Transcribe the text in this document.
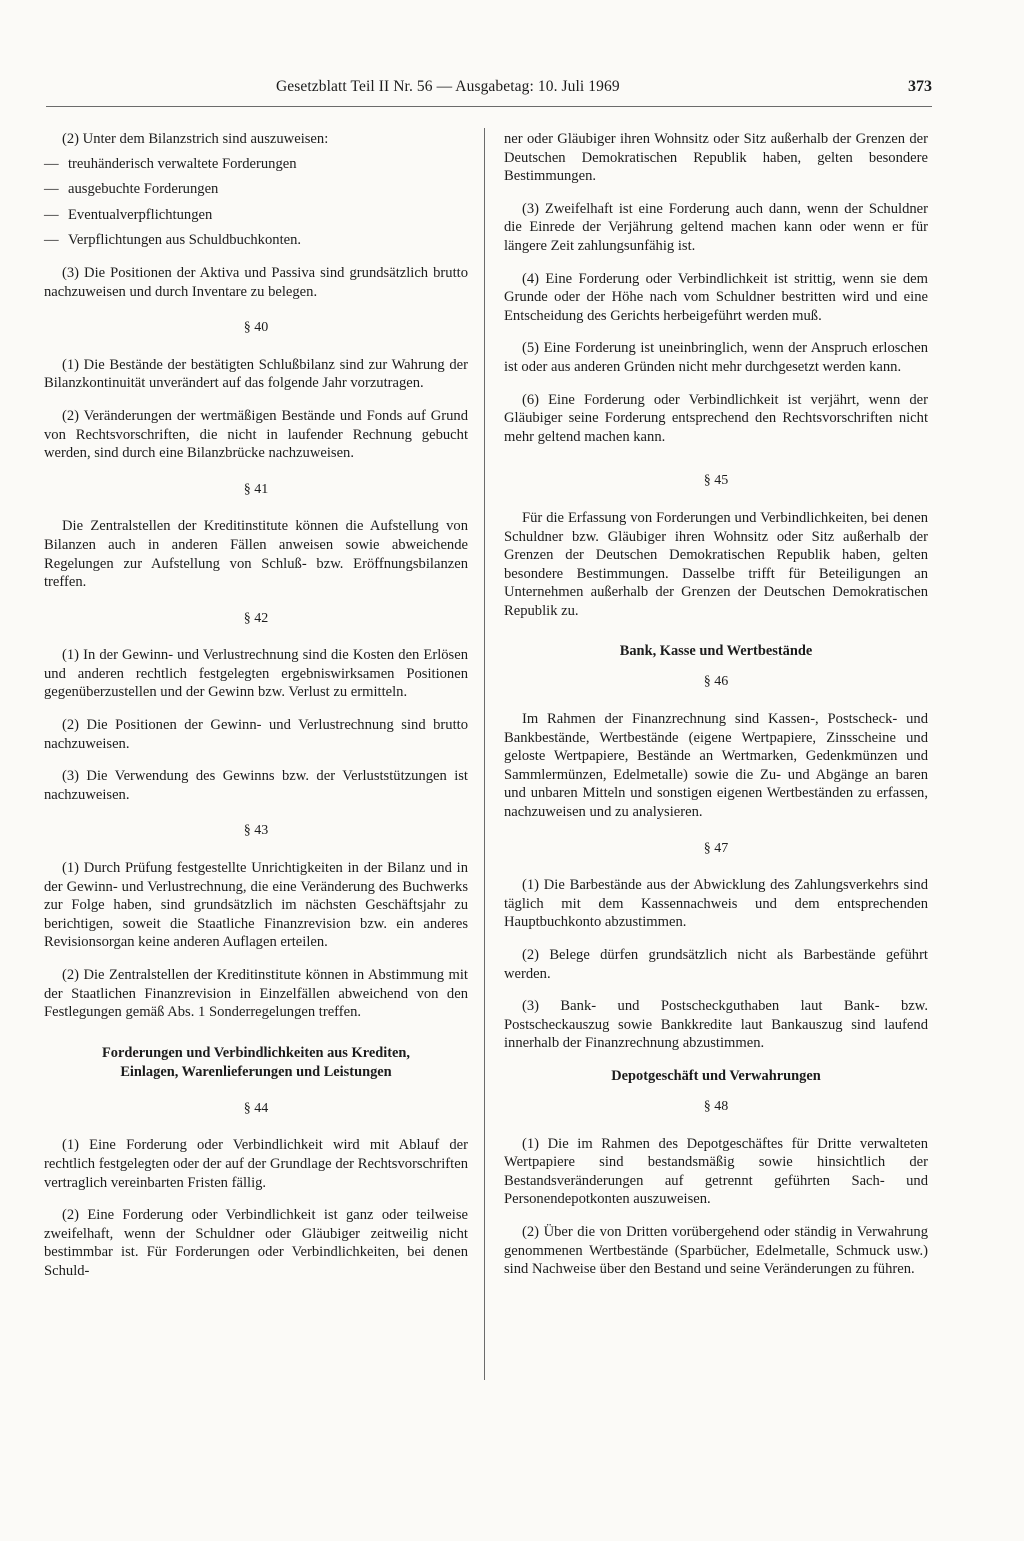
Gesetzblatt Teil II Nr. 56 — Ausgabetag: 10. Juli 1969	373

(2) Unter dem Bilanzstrich sind auszuweisen:

— treuhänderisch verwaltete Forderungen
— ausgebuchte Forderungen
— Eventualverpflichtungen
— Verpflichtungen aus Schuldbuchkonten.

(3) Die Positionen der Aktiva und Passiva sind grundsätzlich brutto nachzuweisen und durch Inventare zu belegen.

§ 40

(1) Die Bestände der bestätigten Schlußbilanz sind zur Wahrung der Bilanzkontinuität unverändert auf das folgende Jahr vorzutragen.

(2) Veränderungen der wertmäßigen Bestände und Fonds auf Grund von Rechtsvorschriften, die nicht in laufender Rechnung gebucht werden, sind durch eine Bilanzbrücke nachzuweisen.

§ 41

Die Zentralstellen der Kreditinstitute können die Aufstellung von Bilanzen auch in anderen Fällen anweisen sowie abweichende Regelungen zur Aufstellung von Schluß- bzw. Eröffnungsbilanzen treffen.

§ 42

(1) In der Gewinn- und Verlustrechnung sind die Kosten den Erlösen und anderen rechtlich festgelegten ergebniswirksamen Positionen gegenüberzustellen und der Gewinn bzw. Verlust zu ermitteln.

(2) Die Positionen der Gewinn- und Verlustrechnung sind brutto nachzuweisen.

(3) Die Verwendung des Gewinns bzw. der Verluststützungen ist nachzuweisen.

§ 43

(1) Durch Prüfung festgestellte Unrichtigkeiten in der Bilanz und in der Gewinn- und Verlustrechnung, die eine Veränderung des Buchwerks zur Folge haben, sind grundsätzlich im nächsten Geschäftsjahr zu berichtigen, soweit die Staatliche Finanzrevision bzw. ein anderes Revisionsorgan keine anderen Auflagen erteilen.

(2) Die Zentralstellen der Kreditinstitute können in Abstimmung mit der Staatlichen Finanzrevision in Einzelfällen abweichend von den Festlegungen gemäß Abs. 1 Sonderregelungen treffen.

Forderungen und Verbindlichkeiten aus Krediten,
Einlagen, Warenlieferungen und Leistungen
§ 44

(1) Eine Forderung oder Verbindlichkeit wird mit Ablauf der rechtlich festgelegten oder der auf der Grundlage der Rechtsvorschriften vertraglich vereinbarten Fristen fällig.

(2) Eine Forderung oder Verbindlichkeit ist ganz oder teilweise zweifelhaft, wenn der Schuldner oder Gläubiger zeitweilig nicht bestimmbar ist. Für Forderungen oder Verbindlichkeiten, bei denen Schuld-

ner oder Gläubiger ihren Wohnsitz oder Sitz außerhalb der Grenzen der Deutschen Demokratischen Republik haben, gelten besondere Bestimmungen.

(3) Zweifelhaft ist eine Forderung auch dann, wenn der Schuldner die Einrede der Verjährung geltend machen kann oder wenn er für längere Zeit zahlungsunfähig ist.

(4) Eine Forderung oder Verbindlichkeit ist strittig, wenn sie dem Grunde oder der Höhe nach vom Schuldner bestritten wird und eine Entscheidung des Gerichts herbeigeführt werden muß.

(5) Eine Forderung ist uneinbringlich, wenn der Anspruch erloschen ist oder aus anderen Gründen nicht mehr durchgesetzt werden kann.

(6) Eine Forderung oder Verbindlichkeit ist verjährt, wenn der Gläubiger seine Forderung entsprechend den Rechtsvorschriften nicht mehr geltend machen kann.

§ 45

Für die Erfassung von Forderungen und Verbindlichkeiten, bei denen Schuldner bzw. Gläubiger ihren Wohnsitz oder Sitz außerhalb der Grenzen der Deutschen Demokratischen Republik haben, gelten besondere Bestimmungen. Dasselbe trifft für Beteiligungen an Unternehmen außerhalb der Grenzen der Deutschen Demokratischen Republik zu.

Bank, Kasse und Wertbestände
§ 46

Im Rahmen der Finanzrechnung sind Kassen-, Postscheck- und Bankbestände, Wertbestände (eigene Wertpapiere, Zinsscheine und geloste Wertpapiere, Bestände an Wertmarken, Gedenkmünzen und Sammlermünzen, Edelmetalle) sowie die Zu- und Abgänge an baren und unbaren Mitteln und sonstigen eigenen Wertbeständen zu erfassen, nachzuweisen und zu analysieren.

§ 47

(1) Die Barbestände aus der Abwicklung des Zahlungsverkehrs sind täglich mit dem Kassennachweis und dem entsprechenden Hauptbuchkonto abzustimmen.

(2) Belege dürfen grundsätzlich nicht als Barbestände geführt werden.

(3) Bank- und Postscheckguthaben laut Bank- bzw. Postscheckauszug sowie Bankkredite laut Bankauszug sind laufend innerhalb der Finanzrechnung abzustimmen.

Depotgeschäft und Verwahrungen
§ 48

(1) Die im Rahmen des Depotgeschäftes für Dritte verwalteten Wertpapiere sind bestandsmäßig sowie hinsichtlich der Bestandsveränderungen auf getrennt geführten Sach- und Personendepotkonten auszuweisen.

(2) Über die von Dritten vorübergehend oder ständig in Verwahrung genommenen Wertbestände (Sparbücher, Edelmetalle, Schmuck usw.) sind Nachweise über den Bestand und seine Veränderungen zu führen.
